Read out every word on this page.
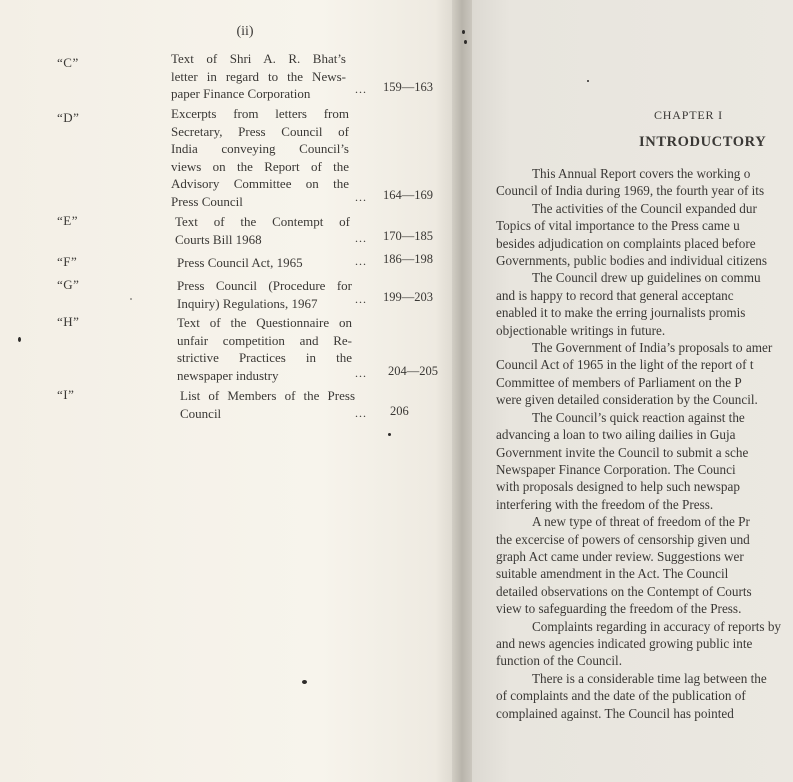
(ii)
“C”	Text of Shri A. R. Bhat’s
letter in regard to the News-
paper Finance Corporation	... 159—163
“D”	Excerpts from letters from
Secretary, Press Council of
India conveying Council’s
views on the Report of the
Advisory Committee on the
Press Council	... 164—169
“E”	Text of the Contempt of
Courts Bill 1968	... 170—185
“F”	Press Council Act, 1965	... 186—198
“G”	Press Council (Procedure for
Inquiry) Regulations, 1967	... 199—203
“H”	Text of the Questionnaire on
unfair competition and Re-
strictive Practices in the
newspaper industry	... 204—205
“I”	List of Members of the Press
Council	... 206
CHAPTER I
INTRODUCTORY
This Annual Report covers the working o
Council of India during 1969, the fourth year of its
The activities of the Council expanded dur
Topics of vital importance to the Press came u
besides adjudication on complaints placed before
Governments, public bodies and individual citizens
The Council drew up guidelines on commu
and is happy to record that general acceptanc
enabled it to make the erring journalists promis
objectionable writings in future.
The Government of India’s proposals to amer
Council Act of 1965 in the light of the report of t
Committee of members of Parliament on the P
were given detailed consideration by the Council.
The Council’s quick reaction against the
advancing a loan to two ailing dailies in Guja
Government invite the Council to submit a sche
Newspaper Finance Corporation. The Counci
with proposals designed to help such newspap
interfering with the freedom of the Press.
A new type of threat of freedom of the Pr
the excercise of powers of censorship given und
graph Act came under review. Suggestions wer
suitable amendment in the Act. The Council
detailed observations on the Contempt of Courts
view to safeguarding the freedom of the Press.
Complaints regarding in accuracy of reports by
and news agencies indicated growing public inte
function of the Council.
There is a considerable time lag between the
of complaints and the date of the publication of
complained against. The Council has pointed
